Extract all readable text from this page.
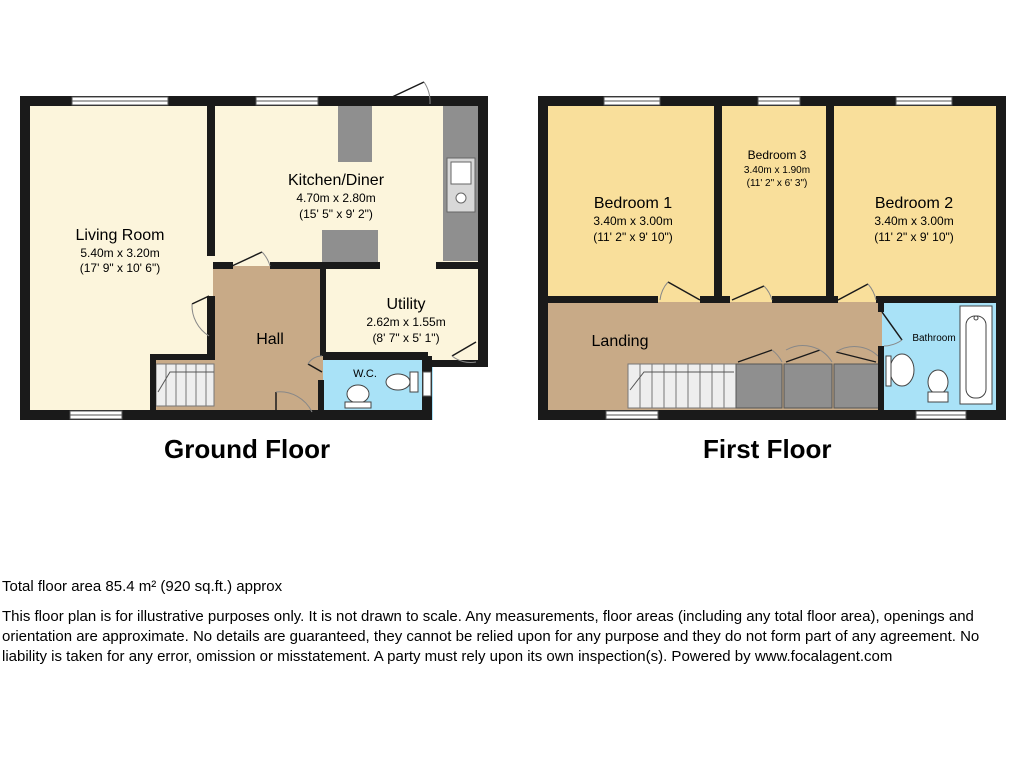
Living Room
5.40m x 3.20m
(17' 9" x 10' 6")
Kitchen/Diner
4.70m x 2.80m
(15' 5" x 9' 2")
Utility
2.62m x 1.55m
(8' 7" x 5' 1")
Hall
W.C.
Bedroom 1
3.40m x 3.00m
(11' 2" x 9' 10")
Bedroom 3
3.40m x 1.90m
(11' 2" x 6' 3")
Bedroom 2
3.40m x 3.00m
(11' 2" x 9' 10")
Landing	Bathroom
Ground Floor	First Floor
Total floor area 85.4 m² (920 sq.ft.) approx
This floor plan is for illustrative purposes only. It is not drawn to scale. Any measurements, floor areas (including any total floor area), openings and orientation are approximate. No details are guaranteed, they cannot be relied upon for any purpose and they do not form part of any agreement. No liability is taken for any error, omission or misstatement. A party must rely upon its own inspection(s). Powered by www.focalagent.com
